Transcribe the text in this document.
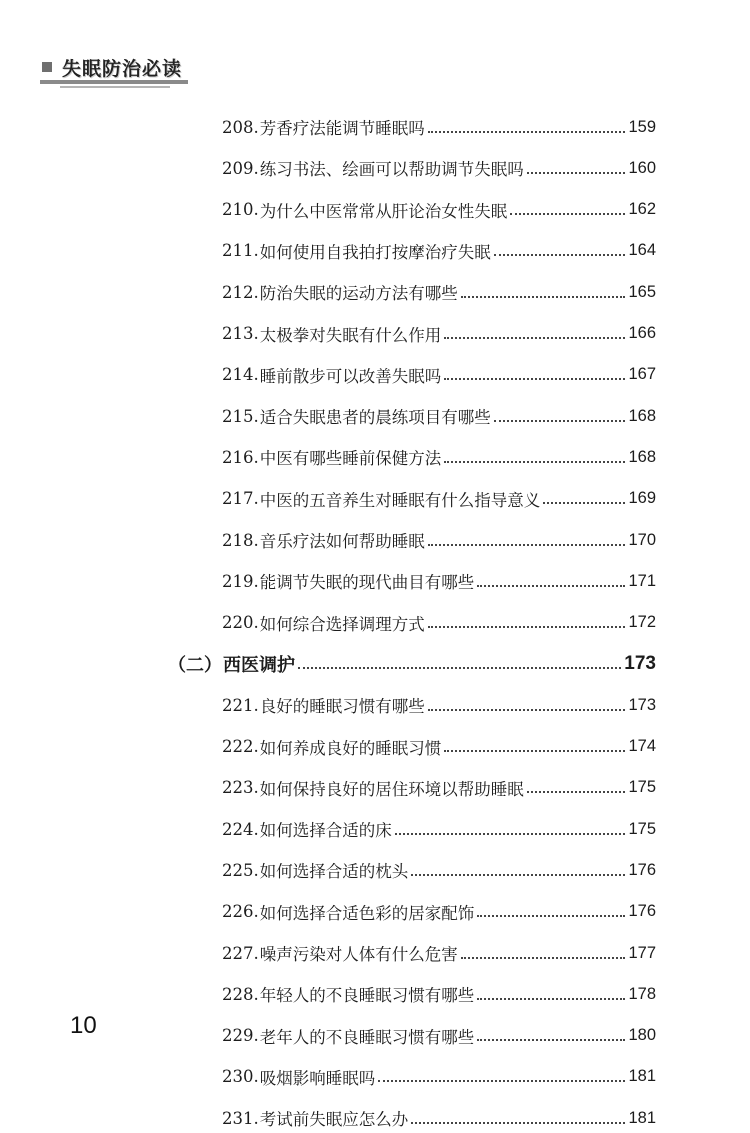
失眠防治必读
208. 芳香疗法能调节睡眠吗	159
209. 练习书法、绘画可以帮助调节失眠吗	160
210. 为什么中医常常从肝论治女性失眠	162
211. 如何使用自我拍打按摩治疗失眠	164
212. 防治失眠的运动方法有哪些	165
213. 太极拳对失眠有什么作用	166
214. 睡前散步可以改善失眠吗	167
215. 适合失眠患者的晨练项目有哪些	168
216. 中医有哪些睡前保健方法	168
217. 中医的五音养生对睡眠有什么指导意义	169
218. 音乐疗法如何帮助睡眠	170
219. 能调节失眠的现代曲目有哪些	171
220. 如何综合选择调理方式	172
（二） 西医调护	173
221. 良好的睡眠习惯有哪些	173
222. 如何养成良好的睡眠习惯	174
223. 如何保持良好的居住环境以帮助睡眠	175
224. 如何选择合适的床	175
225. 如何选择合适的枕头	176
226. 如何选择合适色彩的居家配饰	176
227. 噪声污染对人体有什么危害	177
228. 年轻人的不良睡眠习惯有哪些	178
229. 老年人的不良睡眠习惯有哪些	180
230. 吸烟影响睡眠吗	181
231. 考试前失眠应怎么办	181
10
